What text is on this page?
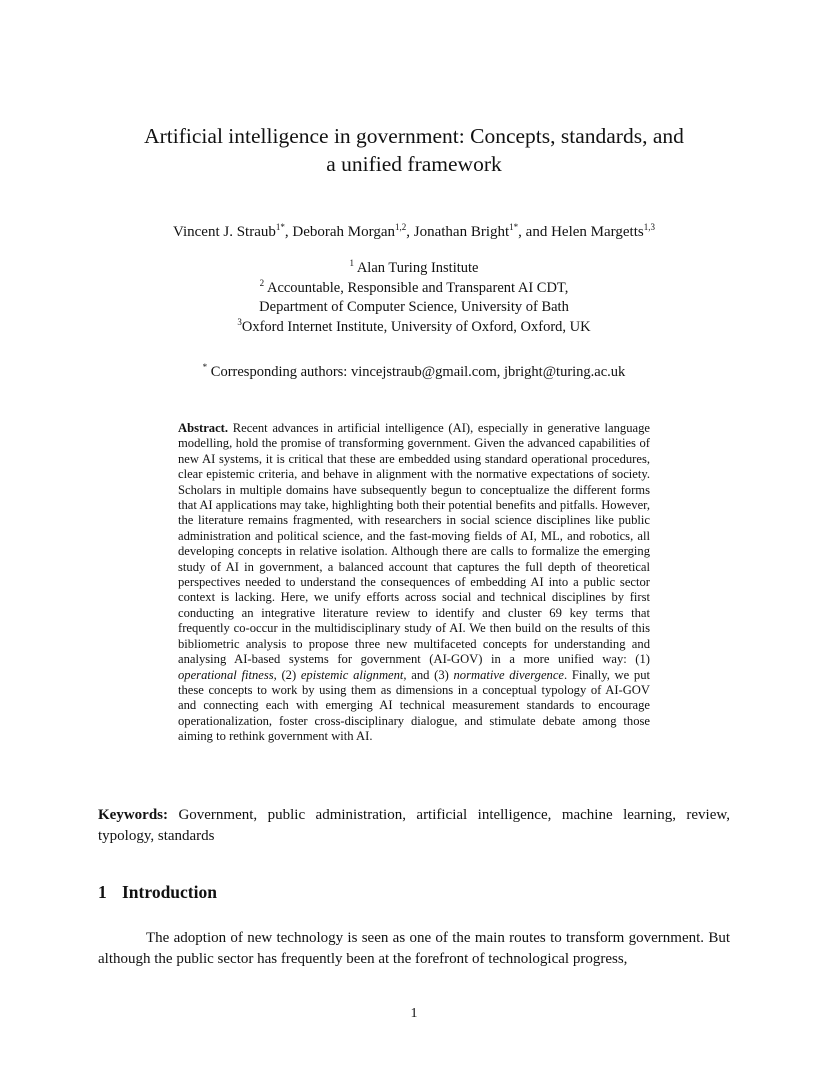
Artificial intelligence in government: Concepts, standards, and
a unified framework
Vincent J. Straub$^{1*}$, Deborah Morgan$^{1,2}$, Jonathan Bright$^{1*}$, and Helen Margetts$^{1,3}$
$^1$ Alan Turing Institute
$^2$ Accountable, Responsible and Transparent AI CDT,
Department of Computer Science, University of Bath
$^3$Oxford Internet Institute, University of Oxford, Oxford, UK
* Corresponding authors: vincejstraub@gmail.com, jbright@turing.ac.uk
Abstract. Recent advances in artificial intelligence (AI), especially in generative language modelling, hold the promise of transforming government. Given the advanced capabilities of new AI systems, it is critical that these are embedded using standard operational procedures, clear epistemic criteria, and behave in alignment with the normative expectations of society. Scholars in multiple domains have subsequently begun to conceptualize the different forms that AI applications may take, highlighting both their potential benefits and pitfalls. However, the literature remains fragmented, with researchers in social science disciplines like public administration and political science, and the fast-moving fields of AI, ML, and robotics, all developing concepts in relative isolation. Although there are calls to formalize the emerging study of AI in government, a balanced account that captures the full depth of theoretical perspectives needed to understand the consequences of embedding AI into a public sector context is lacking. Here, we unify efforts across social and technical disciplines by first conducting an integrative literature review to identify and cluster 69 key terms that frequently co-occur in the multidisciplinary study of AI. We then build on the results of this bibliometric analysis to propose three new multifaceted concepts for understanding and analysing AI-based systems for government (AI-GOV) in a more unified way: (1) operational fitness, (2) epistemic alignment, and (3) normative divergence. Finally, we put these concepts to work by using them as dimensions in a conceptual typology of AI-GOV and connecting each with emerging AI technical measurement standards to encourage operationalization, foster cross-disciplinary dialogue, and stimulate debate among those aiming to rethink government with AI.
Keywords: Government, public administration, artificial intelligence, machine learning, review, typology, standards
1 Introduction
The adoption of new technology is seen as one of the main routes to transform government. But although the public sector has frequently been at the forefront of technological progress,
1
